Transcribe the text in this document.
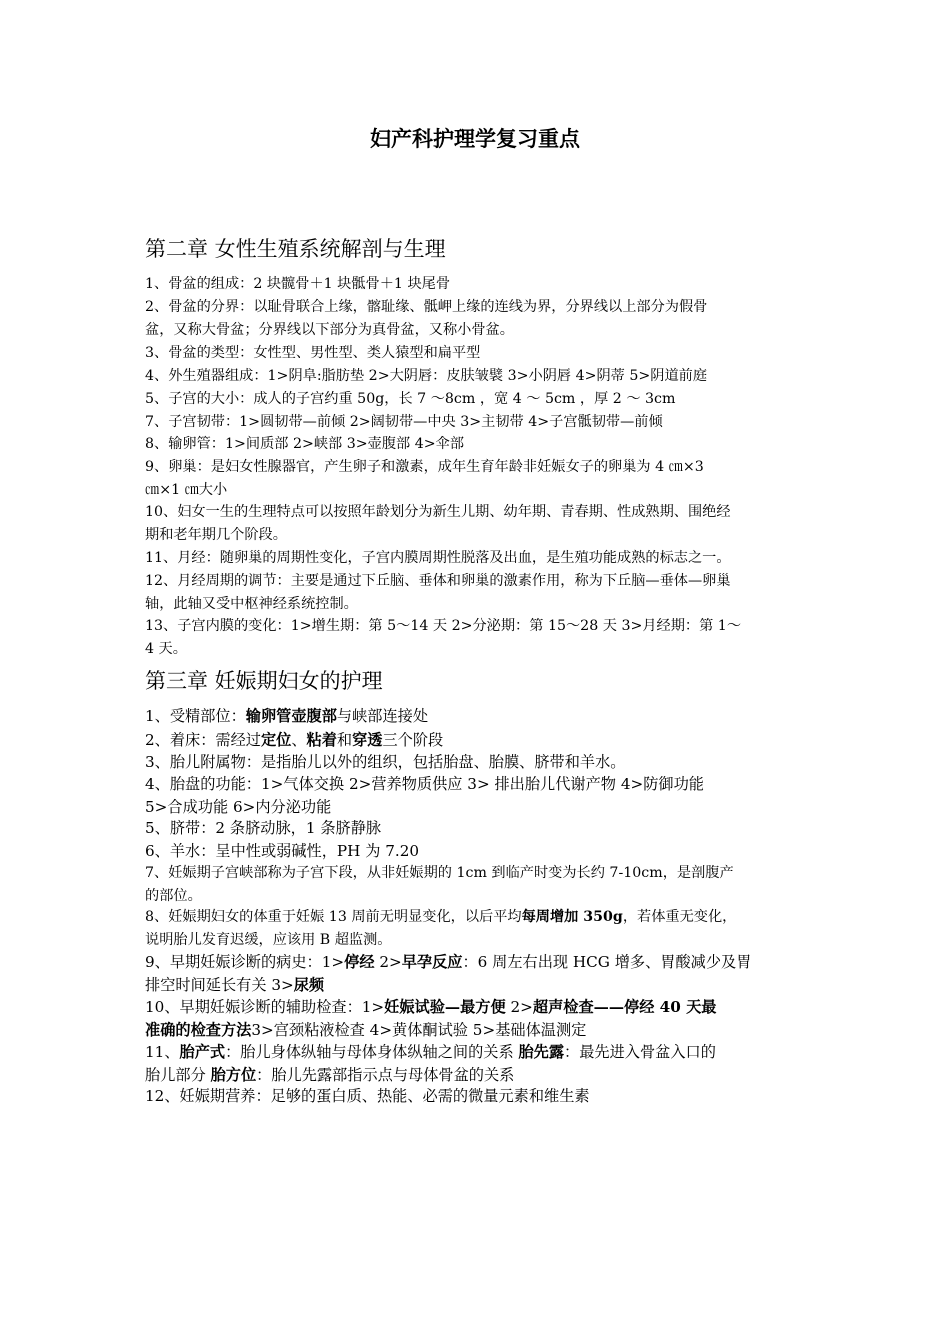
妇产科护理学复习重点
第二章 女性生殖系统解剖与生理
1、骨盆的组成：2 块髋骨＋1 块骶骨＋1 块尾骨
2、骨盆的分界：以耻骨联合上缘，髂耻缘、骶岬上缘的连线为界，分界线以上部分为假骨
盆，又称大骨盆；分界线以下部分为真骨盆，又称小骨盆。
3、骨盆的类型：女性型、男性型、类人猿型和扁平型
4、外生殖器组成：1>阴阜:脂肪垫 2>大阴唇：皮肤皱襞 3>小阴唇 4>阴蒂 5>阴道前庭
5、子宫的大小：成人的子宫约重 50g，长 7 ～8cm ，宽 4 ～ 5cm ，厚 2 ～ 3cm
7、子宫韧带：1>圆韧带—前倾 2>阔韧带—中央 3>主韧带 4>子宫骶韧带—前倾
8、输卵管：1>间质部 2>峡部 3>壶腹部 4>伞部
9、卵巢：是妇女性腺器官，产生卵子和激素，成年生育年龄非妊娠女子的卵巢为 4 ㎝×3
㎝×1 ㎝大小
10、妇女一生的生理特点可以按照年龄划分为新生儿期、幼年期、青春期、性成熟期、围绝经
期和老年期几个阶段。
11、月经：随卵巢的周期性变化，子宫内膜周期性脱落及出血，是生殖功能成熟的标志之一。
12、月经周期的调节：主要是通过下丘脑、垂体和卵巢的激素作用，称为下丘脑—垂体—卵巢
轴，此轴又受中枢神经系统控制。
13、子宫内膜的变化：1>增生期：第 5～14 天 2>分泌期：第 15～28 天 3>月经期：第 1～
4 天。
第三章 妊娠期妇女的护理
1、受精部位：输卵管壶腹部与峡部连接处
2、着床：需经过定位、粘着和穿透三个阶段
3、胎儿附属物：是指胎儿以外的组织，包括胎盘、胎膜、脐带和羊水。
4、胎盘的功能：1>气体交换 2>营养物质供应 3> 排出胎儿代谢产物 4>防御功能
5>合成功能 6>内分泌功能
5、脐带：2 条脐动脉，1 条脐静脉
6、羊水：呈中性或弱碱性，PH 为 7.20
7、妊娠期子宫峡部称为子宫下段，从非妊娠期的 1cm 到临产时变为长约 7-10cm，是剖腹产
的部位。
8、妊娠期妇女的体重于妊娠 13 周前无明显变化，以后平均每周增加 350g，若体重无变化，
说明胎儿发育迟缓，应该用 B 超监测。
9、早期妊娠诊断的病史：1>停经 2>早孕反应：6 周左右出现 HCG 增多、胃酸减少及胃
排空时间延长有关 3>尿频
10、早期妊娠诊断的辅助检查：1>妊娠试验—最方便 2>超声检查——停经 40 天最
准确的检查方法3>宫颈粘液检查 4>黄体酮试验 5>基础体温测定
11、胎产式：胎儿身体纵轴与母体身体纵轴之间的关系 胎先露：最先进入骨盆入口的
胎儿部分 胎方位：胎儿先露部指示点与母体骨盆的关系
12、妊娠期营养：足够的蛋白质、热能、必需的微量元素和维生素
